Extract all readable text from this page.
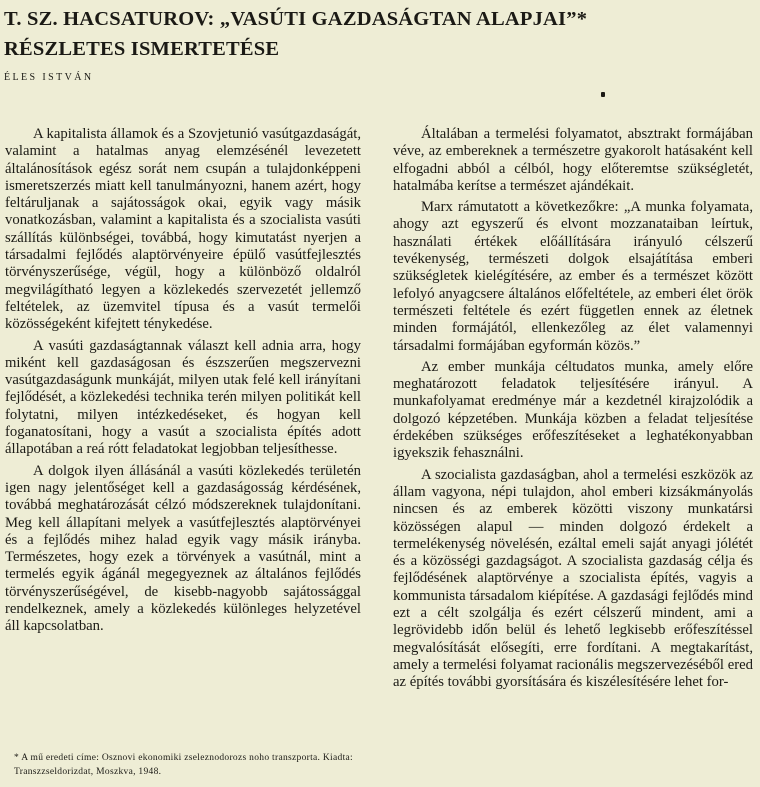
T. SZ. HACSATUROV: „VASÚTI GAZDASÁGTAN ALAPJAI”*
RÉSZLETES ISMERTETÉSE

ÉLES ISTVÁN

A kapitalista államok és a Szovjetunió vasútgazdaságát, valamint a hatalmas anyag elemzésénél levezetett általánosítások egész sorát nem csupán a tulajdonképpeni ismeretszerzés miatt kell tanulmányozni, hanem azért, hogy feltáruljanak a sajátosságok okai, egyik vagy másik vonatkozásban, valamint a kapitalista és a szocialista vasúti szállítás különbségei, továbbá, hogy kimutatást nyerjen a társadalmi fejlődés alaptörvényeire épülő vasútfejlesztés törvényszerűsége, végül, hogy a különböző oldalról megvilágítható legyen a közlekedés szervezetét jellemző feltételek, az üzemvitel típusa és a vasút termelői közösségeként kifejtett ténykedése.

A vasúti gazdaságtannak választ kell adnia arra, hogy miként kell gazdaságosan és észszerűen megszervezni vasútgazdaságunk munkáját, milyen utak felé kell irányítani fejlődését, a közlekedési technika terén milyen politikát kell folytatni, milyen intézkedéseket, és hogyan kell foganatosítani, hogy a vasút a szocialista építés adott állapotában a reá rótt feladatokat legjobban teljesíthesse.

A dolgok ilyen állásánál a vasúti közlekedés területén igen nagy jelentőséget kell a gazdaságosság kérdésének, továbbá meghatározását célzó módszereknek tulajdonítani. Meg kell állapítani melyek a vasútfejlesztés alaptörvényei és a fejlődés mihez halad egyik vagy másik irányba. Természetes, hogy ezek a törvények a vasútnál, mint a termelés egyik ágánál megegyeznek az általános fejlődés törvényszerűségével, de kisebb-nagyobb sajátossággal rendelkeznek, amely a közlekedés különleges helyzetével áll kapcsolatban.

Általában a termelési folyamatot, absztrakt formájában véve, az embereknek a természetre gyakorolt hatásaként kell elfogadni abból a célból, hogy előteremtse szükségletét, hatalmába kerítse a természet ajándékait.

Marx rámutatott a következőkre: „A munka folyamata, ahogy azt egyszerű és elvont mozzanataiban leírtuk, használati értékek előállítására irányuló célszerű tevékenység, természeti dolgok elsajátítása emberi szükségletek kielégítésére, az ember és a természet között lefolyó anyagcsere általános előfeltétele, az emberi élet örök természeti feltétele és ezért független ennek az életnek minden formájától, ellenkezőleg az élet valamennyi társadalmi formájában egyformán közös.”

Az ember munkája céltudatos munka, amely előre meghatározott feladatok teljesítésére irányul. A munkafolyamat eredménye már a kezdetnél kirajzolódik a dolgozó képzetében. Munkája közben a feladat teljesítése érdekében szükséges erőfeszítéseket a leghatékonyabban igyekszik fehasználni.

A szocialista gazdaságban, ahol a termelési eszközök az állam vagyona, népi tulajdon, ahol emberi kizsákmányolás nincsen és az emberek közötti viszony munkatársi közösségen alapul — minden dolgozó érdekelt a termelékenység növelésén, ezáltal emeli saját anyagi jólétét és a közösségi gazdagságot. A szocialista gazdaság célja és fejlődésének alaptörvénye a szocialista építés, vagyis a kommunista társadalom kiépítése. A gazdasági fejlődés mind ezt a célt szolgálja és ezért célszerű mindent, ami a legrövidebb időn belül és lehető legkisebb erőfeszítéssel megvalósítását elősegíti, erre fordítani. A megtakarítást, amely a termelési folyamat racionális megszervezéséből ered az építés további gyorsítására és kiszélesítésére lehet for-

* A mű eredeti címe: Osznovi ekonomiki zseleznodorozs noho transzporta. Kiadta: Transzzseldorizdat, Moszkva, 1948.
